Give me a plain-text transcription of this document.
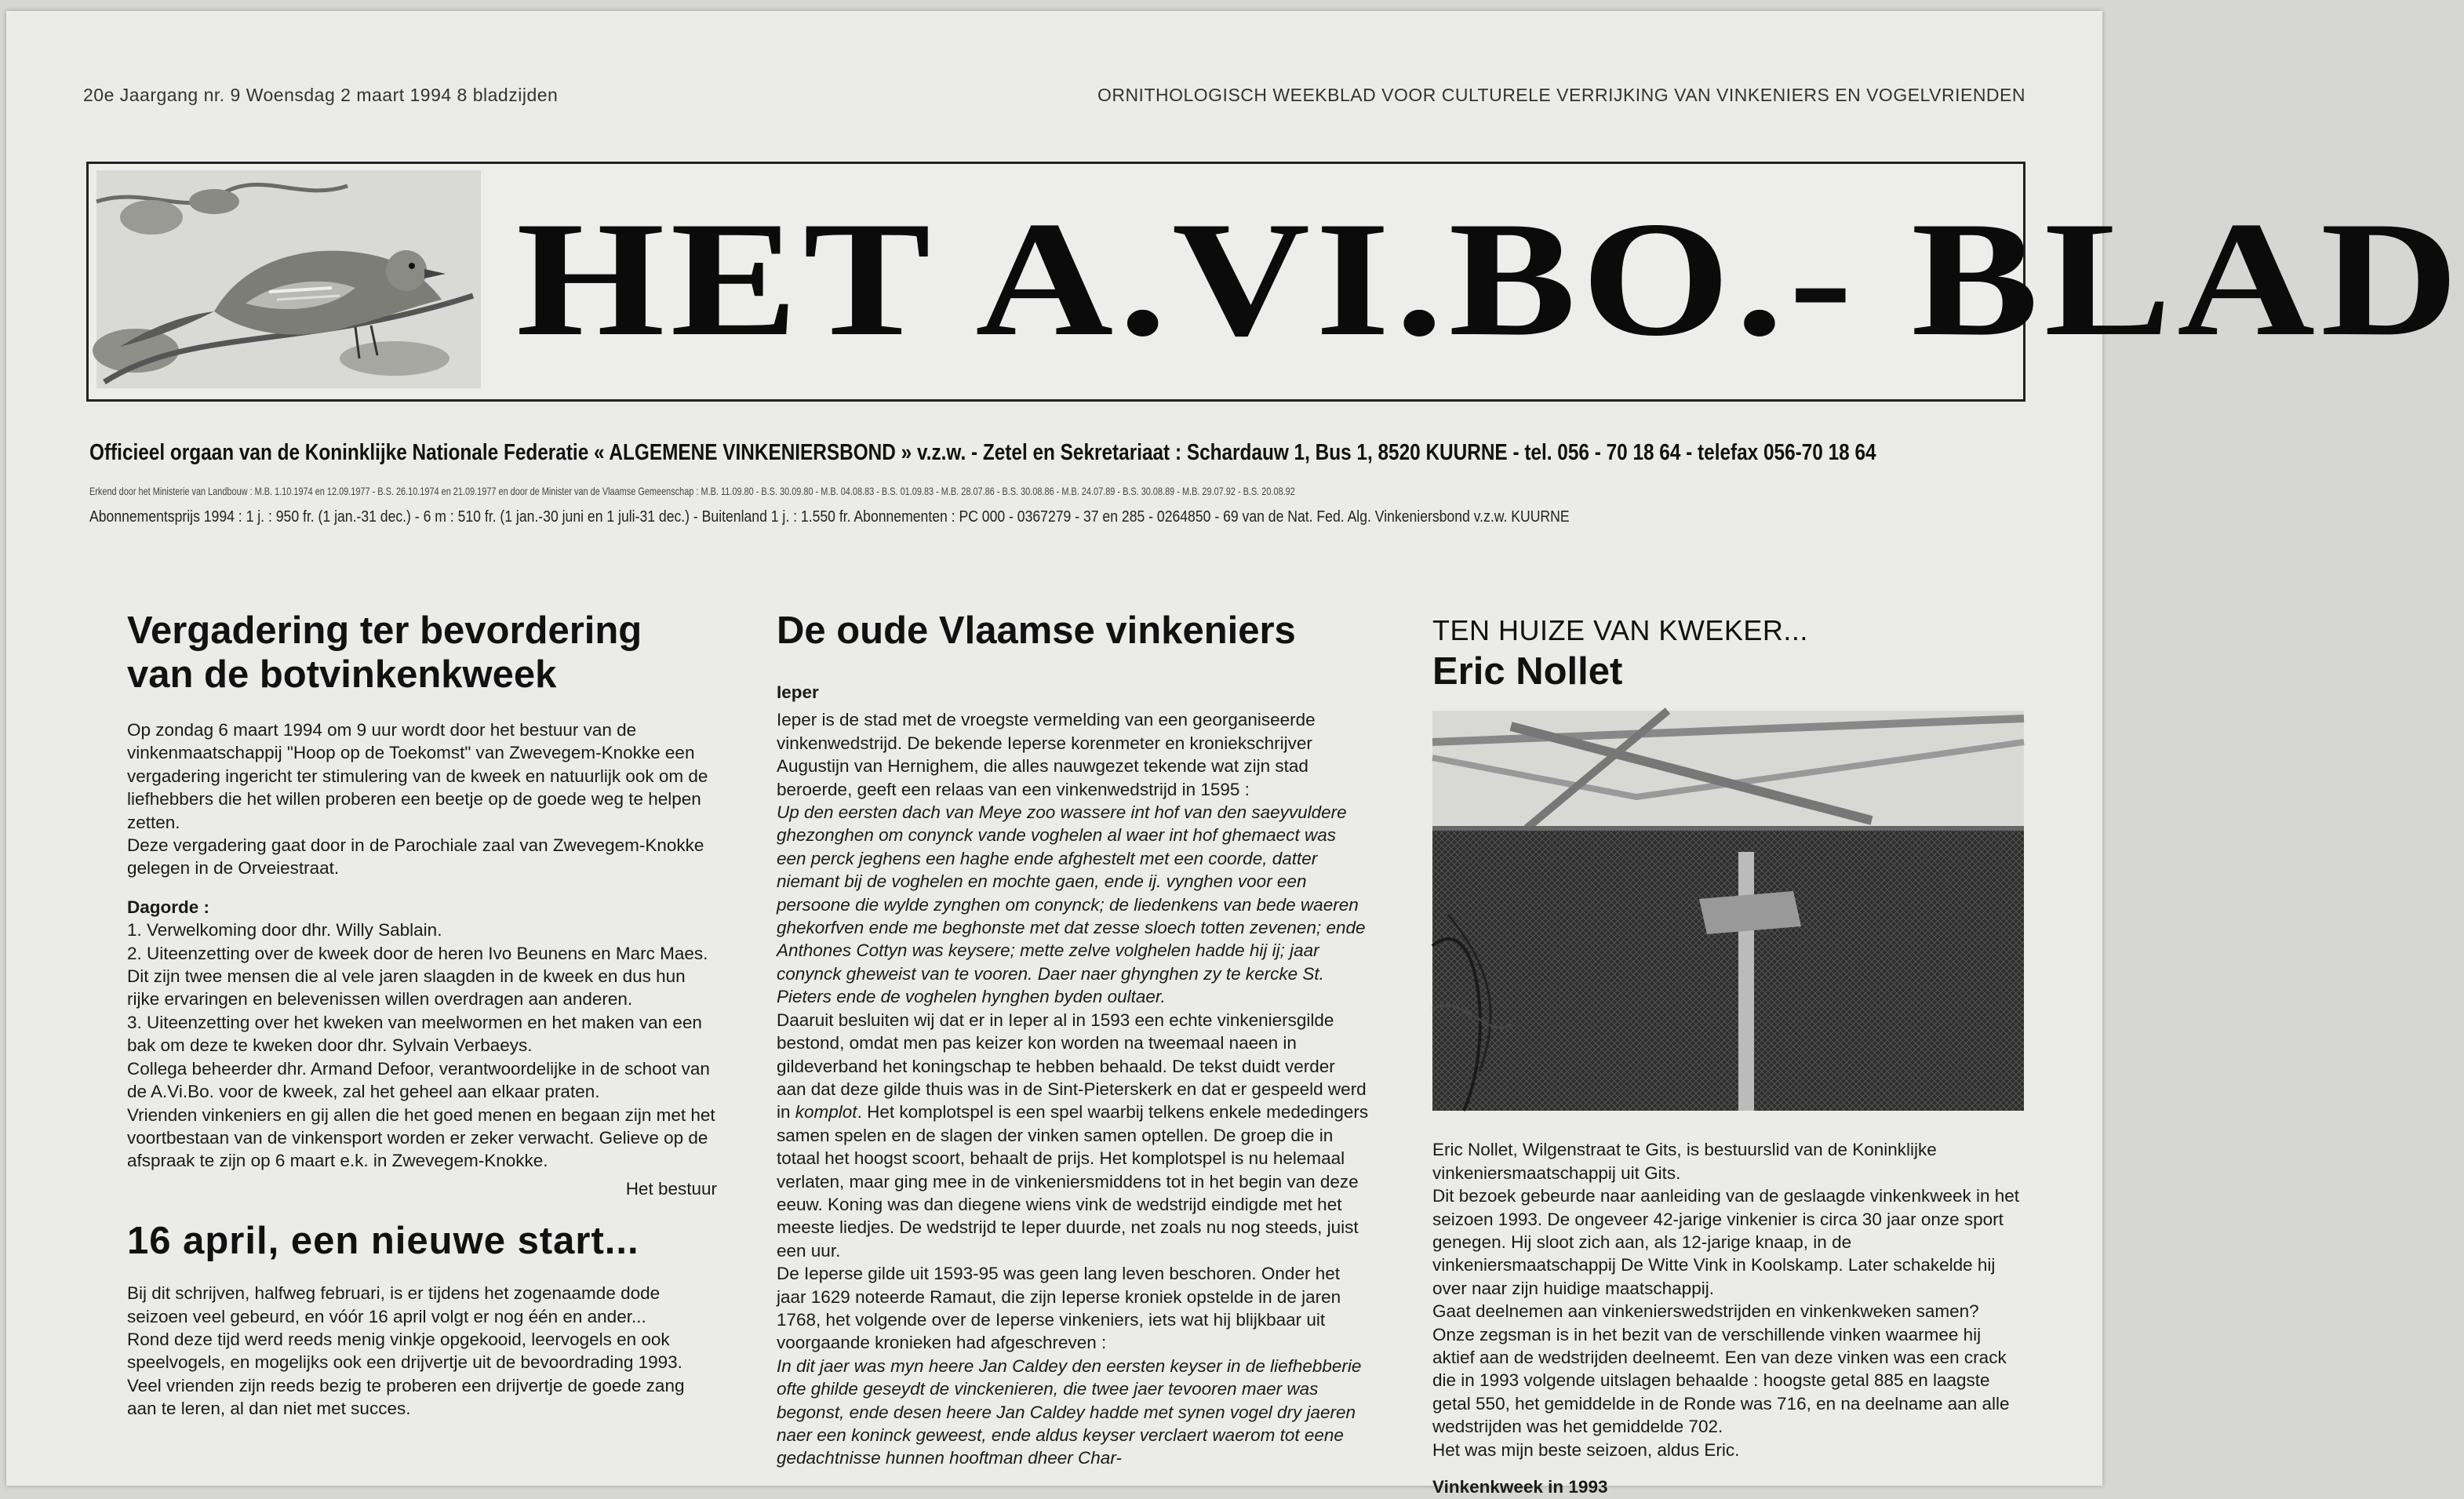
20e Jaargang nr. 9 Woensdag 2 maart 1994 8 bladzijden	ORNITHOLOGISCH WEEKBLAD VOOR CULTURELE VERRIJKING VAN VINKENIERS EN VOGELVRIENDEN
HET A.VI.BO.- BLAD
Officieel orgaan van de Koninklijke Nationale Federatie « ALGEMENE VINKENIERSBOND » v.z.w. - Zetel en Sekretariaat : Schardauw 1, Bus 1, 8520 KUURNE - tel. 056 - 70 18 64 - telefax 056-70 18 64
Erkend door het Ministerie van Landbouw : M.B. 1.10.1974 en 12.09.1977 - B.S. 26.10.1974 en 21.09.1977 en door de Minister van de Vlaamse Gemeenschap : M.B. 11.09.80 - B.S. 30.09.80 - M.B. 04.08.83 - B.S. 01.09.83 - M.B. 28.07.86 - B.S. 30.08.86 - M.B. 24.07.89 - B.S. 30.08.89 - M.B. 29.07.92 - B.S. 20.08.92
Abonnementsprijs 1994 : 1 j. : 950 fr. (1 jan.-31 dec.) - 6 m : 510 fr. (1 jan.-30 juni en 1 juli-31 dec.) - Buitenland 1 j. : 1.550 fr. Abonnementen : PC 000 - 0367279 - 37 en 285 - 0264850 - 69 van de Nat. Fed. Alg. Vinkeniersbond v.z.w. KUURNE
Vergadering ter bevordering van de botvinkenkweek

Op zondag 6 maart 1994 om 9 uur wordt door het bestuur van de vinkenmaatschappij "Hoop op de Toekomst" van Zwevegem-Knokke een vergadering ingericht ter stimulering van de kweek en natuurlijk ook om de liefhebbers die het willen proberen een beetje op de goede weg te helpen zetten.

Deze vergadering gaat door in de Parochiale zaal van Zwevegem-Knokke gelegen in de Orveiestraat.

Dagorde :

1. Verwelkoming door dhr. Willy Sablain.

2. Uiteenzetting over de kweek door de heren Ivo Beunens en Marc Maes. Dit zijn twee mensen die al vele jaren slaagden in de kweek en dus hun rijke ervaringen en belevenissen willen overdragen aan anderen.

3. Uiteenzetting over het kweken van meelwormen en het maken van een bak om deze te kweken door dhr. Sylvain Verbaeys.

Collega beheerder dhr. Armand Defoor, verantwoordelijke in de schoot van de A.Vi.Bo. voor de kweek, zal het geheel aan elkaar praten.

Vrienden vinkeniers en gij allen die het goed menen en begaan zijn met het voortbestaan van de vinkensport worden er zeker verwacht. Gelieve op de afspraak te zijn op 6 maart e.k. in Zwevegem-Knokke.

Het bestuur

16 april, een nieuwe start...

Bij dit schrijven, halfweg februari, is er tijdens het zogenaamde dode seizoen veel gebeurd, en vóór 16 april volgt er nog één en ander...

Rond deze tijd werd reeds menig vinkje opgekooid, leervogels en ook speelvogels, en mogelijks ook een drijvertje uit de bevoordrading 1993. Veel vrienden zijn reeds bezig te proberen een drijvertje de goede zang aan te leren, al dan niet met succes.

De oude Vlaamse vinkeniers

Ieper

Ieper is de stad met de vroegste vermelding van een georganiseerde vinkenwedstrijd. De bekende Ieperse korenmeter en kroniekschrijver Augustijn van Hernighem, die alles nauwgezet tekende wat zijn stad beroerde, geeft een relaas van een vinkenwedstrijd in 1595 :

Up den eersten dach van Meye zoo wassere int hof van den saeyvuldere ghezonghen om conynck vande voghelen al waer int hof ghemaect was een perck jeghens een haghe ende afghestelt met een coorde, datter niemant bij de voghelen en mochte gaen, ende ij. vynghen voor een persoone die wylde zynghen om conynck; de liedenkens van bede waeren ghekorfven ende me beghonste met dat zesse sloech totten zevenen; ende Anthones Cottyn was keysere; mette zelve volghelen hadde hij ij; jaar conynck gheweist van te vooren. Daer naer ghynghen zy te kercke St. Pieters ende de voghelen hynghen byden oultaer.

Daaruit besluiten wij dat er in Ieper al in 1593 een echte vinkeniersgilde bestond, omdat men pas keizer kon worden na tweemaal naeen in gildeverband het koningschap te hebben behaald. De tekst duidt verder aan dat deze gilde thuis was in de Sint-Pieterskerk en dat er gespeeld werd in komplot. Het komplotspel is een spel waarbij telkens enkele mededingers samen spelen en de slagen der vinken samen optellen. De groep die in totaal het hoogst scoort, behaalt de prijs. Het komplotspel is nu helemaal verlaten, maar ging mee in de vinkeniersmiddens tot in het begin van deze eeuw. Koning was dan diegene wiens vink de wedstrijd eindigde met het meeste liedjes. De wedstrijd te Ieper duurde, net zoals nu nog steeds, juist een uur.

De Ieperse gilde uit 1593-95 was geen lang leven beschoren. Onder het jaar 1629 noteerde Ramaut, die zijn Ieperse kroniek opstelde in de jaren 1768, het volgende over de Ieperse vinkeniers, iets wat hij blijkbaar uit voorgaande kronieken had afgeschreven :

In dit jaer was myn heere Jan Caldey den eersten keyser in de liefhebberie ofte ghilde geseydt de vinckenieren, die twee jaer tevooren maer was begonst, ende desen heere Jan Caldey hadde met synen vogel dry jaeren naer een koninck geweest, ende aldus keyser verclaert waerom tot eene gedachtnisse hunnen hooftman dheer Char-

TEN HUIZE VAN KWEKER...
Eric Nollet

Eric Nollet, Wilgenstraat te Gits, is bestuurslid van de Koninklijke vinkeniersmaatschappij uit Gits.

Dit bezoek gebeurde naar aanleiding van de geslaagde vinkenkweek in het seizoen 1993. De ongeveer 42-jarige vinkenier is circa 30 jaar onze sport genegen. Hij sloot zich aan, als 12-jarige knaap, in de vinkeniersmaatschappij De Witte Vink in Koolskamp. Later schakelde hij over naar zijn huidige maatschappij.

Gaat deelnemen aan vinkenierswedstrijden en vinkenkweken samen? Onze zegsman is in het bezit van de verschillende vinken waarmee hij aktief aan de wedstrijden deelneemt. Een van deze vinken was een crack die in 1993 volgende uitslagen behaalde : hoogste getal 885 en laagste getal 550, het gemiddelde in de Ronde was 716, en na deelname aan alle wedstrijden was het gemiddelde 702.

Het was mijn beste seizoen, aldus Eric.

Vinkenkweek in 1993
